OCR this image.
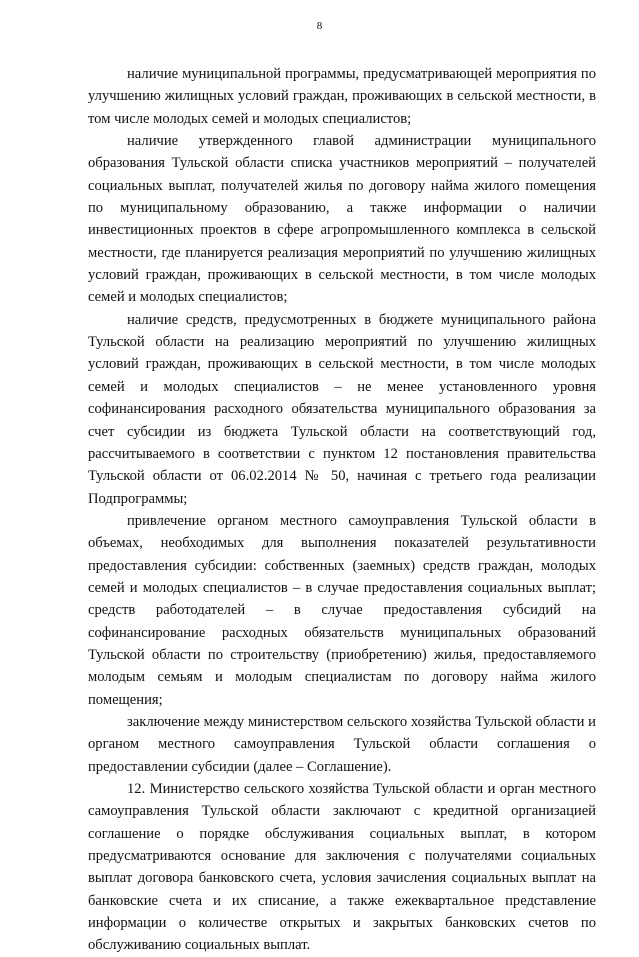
8

наличие муниципальной программы, предусматривающей мероприятия по улучшению жилищных условий граждан, проживающих в сельской местности, в том числе молодых семей и молодых специалистов;

наличие утвержденного главой администрации муниципального образования Тульской области списка участников мероприятий – получателей социальных выплат, получателей жилья по договору найма жилого помещения по муниципальному образованию, а также информации о наличии инвестиционных проектов в сфере агропромышленного комплекса в сельской местности, где планируется реализация мероприятий по улучшению жилищных условий граждан, проживающих в сельской местности, в том числе молодых семей и молодых специалистов;

наличие средств, предусмотренных в бюджете муниципального района Тульской области на реализацию мероприятий по улучшению жилищных условий граждан, проживающих в сельской местности, в том числе молодых семей и молодых специалистов – не менее установленного уровня софинансирования расходного обязательства муниципального образования за счет субсидии из бюджета Тульской области на соответствующий год, рассчитываемого в соответствии с пунктом 12 постановления правительства Тульской области от 06.02.2014 № 50, начиная с третьего года реализации Подпрограммы;

привлечение органом местного самоуправления Тульской области в объемах, необходимых для выполнения показателей результативности предоставления субсидии: собственных (заемных) средств граждан, молодых семей и молодых специалистов – в случае предоставления социальных выплат; средств работодателей – в случае предоставления субсидий на софинансирование расходных обязательств муниципальных образований Тульской области по строительству (приобретению) жилья, предоставляемого молодым семьям и молодым специалистам по договору найма жилого помещения;

заключение между министерством сельского хозяйства Тульской области и органом местного самоуправления Тульской области соглашения о предоставлении субсидии (далее – Соглашение).

12. Министерство сельского хозяйства Тульской области и орган местного самоуправления Тульской области заключают с кредитной организацией соглашение о порядке обслуживания социальных выплат, в котором предусматриваются основание для заключения с получателями социальных выплат договора банковского счета, условия зачисления социальных выплат на банковские счета и их списание, а также ежеквартальное представление информации о количестве открытых и закрытых банковских счетов по обслуживанию социальных выплат.
